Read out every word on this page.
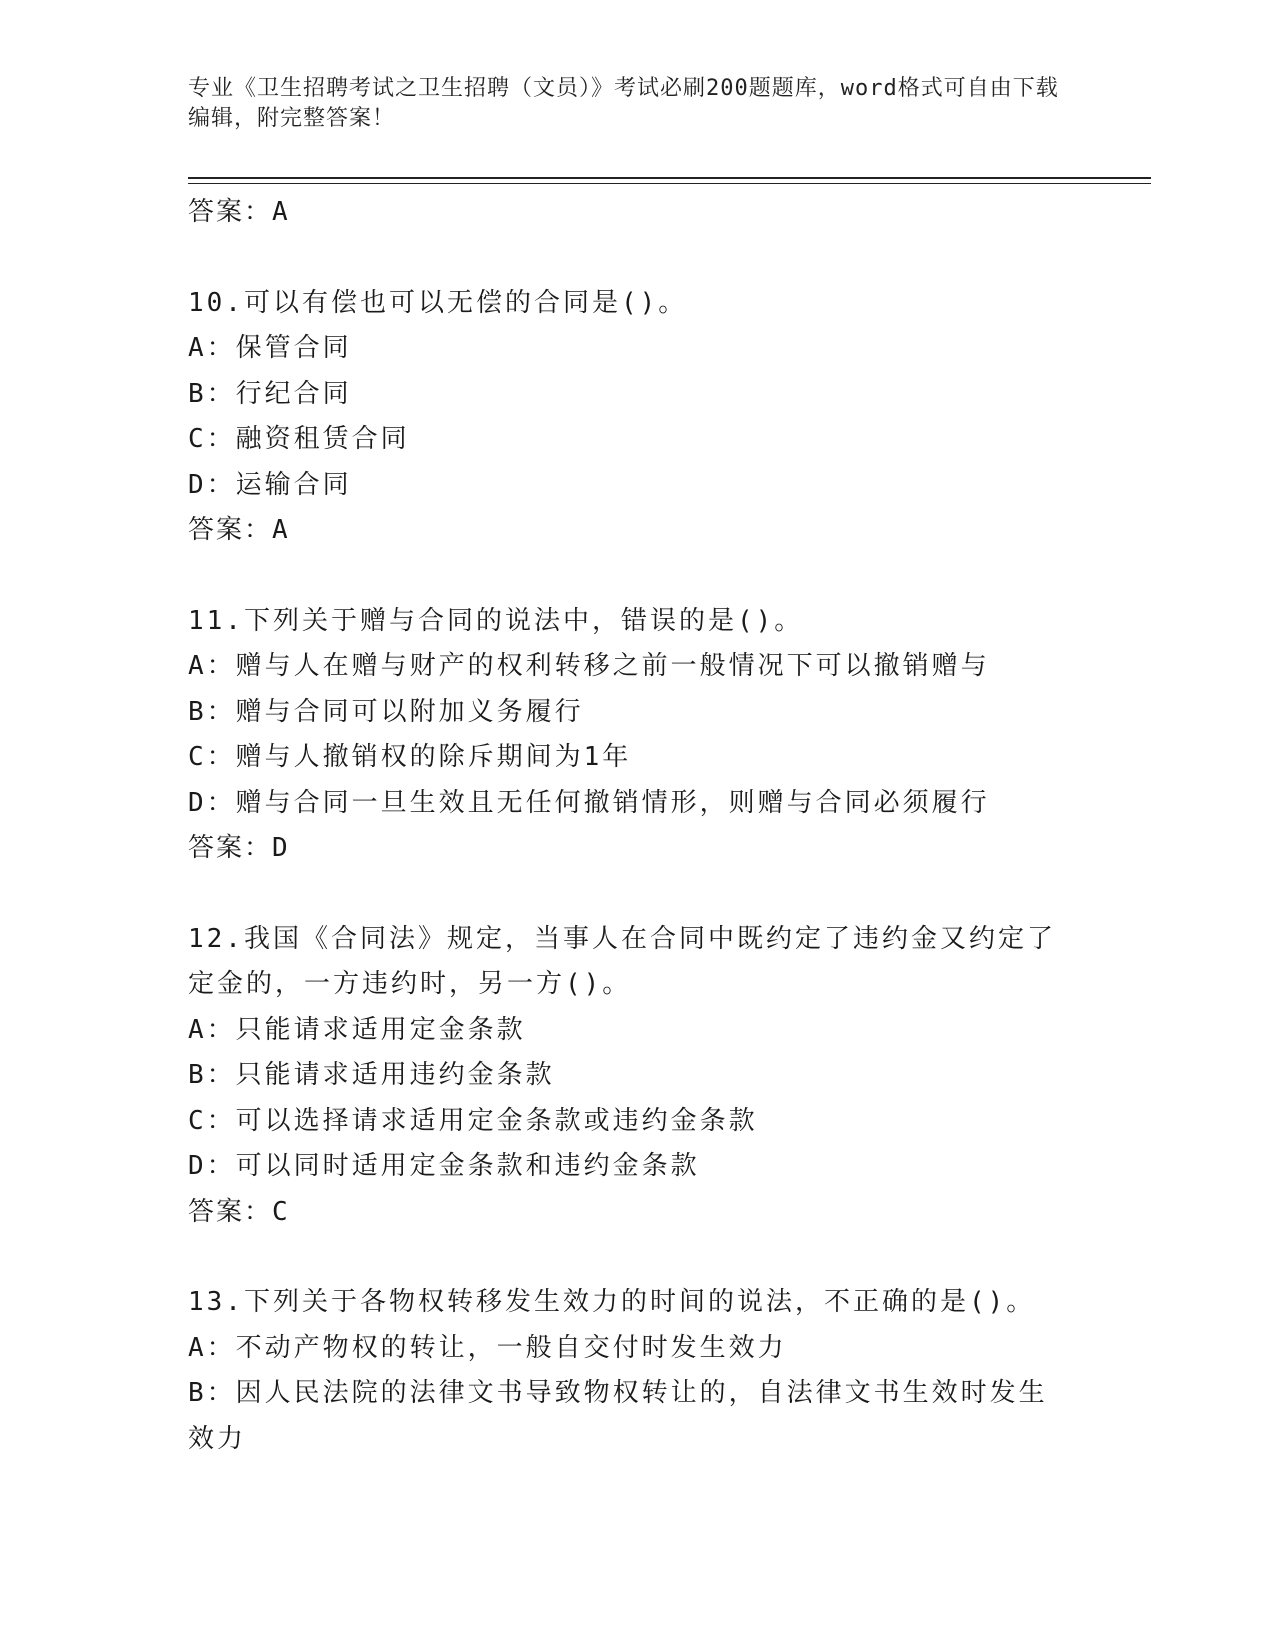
专业《卫生招聘考试之卫生招聘（文员）》考试必刷200题题库，word格式可自由下载编辑，附完整答案！
答案：A
10.可以有偿也可以无偿的合同是()。
A：保管合同
B：行纪合同
C：融资租赁合同
D：运输合同
答案：A
11.下列关于赠与合同的说法中，错误的是()。
A：赠与人在赠与财产的权利转移之前一般情况下可以撤销赠与
B：赠与合同可以附加义务履行
C：赠与人撤销权的除斥期间为1年
D：赠与合同一旦生效且无任何撤销情形，则赠与合同必须履行
答案：D
12.我国《合同法》规定，当事人在合同中既约定了违约金又约定了定金的，一方违约时，另一方()。
A：只能请求适用定金条款
B：只能请求适用违约金条款
C：可以选择请求适用定金条款或违约金条款
D：可以同时适用定金条款和违约金条款
答案：C
13.下列关于各物权转移发生效力的时间的说法，不正确的是()。
A：不动产物权的转让，一般自交付时发生效力
B：因人民法院的法律文书导致物权转让的，自法律文书生效时发生效力
